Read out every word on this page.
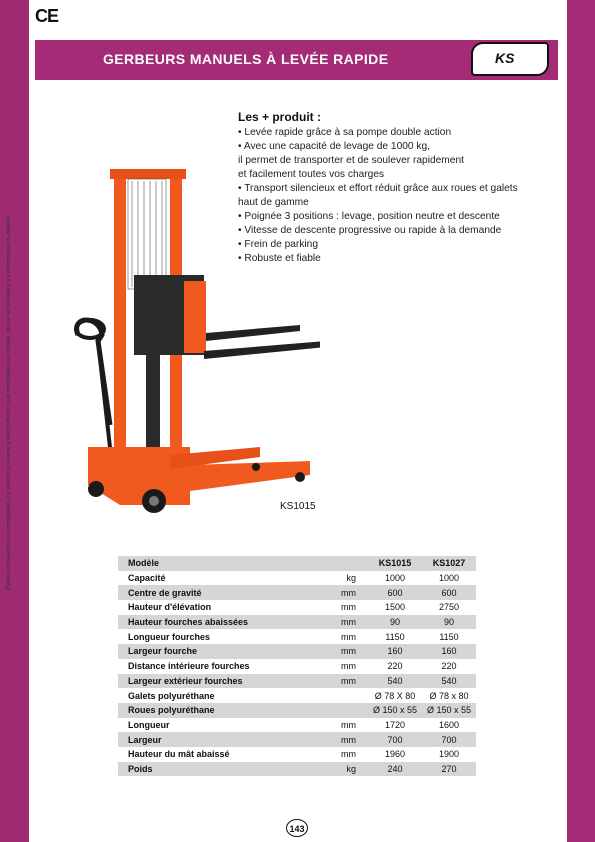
CE
GERBEURS MANUELS À LEVÉE RAPIDE	KS
Photos et dimensions non contractuelles. Le fabricant se réserve le droit d'effectuer toute modification sans préavis, dans le but d'améliorer les performances du matériel.
Les + produit :
• Levée rapide grâce à sa pompe double action
• Avec une capacité de levage de 1000 kg,
il permet de transporter et de soulever rapidement
et facilement toutes vos charges
• Transport silencieux et effort réduit grâce aux roues et galets
haut de gamme
• Poignée 3 positions : levage, position neutre et descente
• Vitesse de descente progressive ou rapide à la demande
• Frein de parking
• Robuste et fiable
KS1015
Modèle		KS1015	KS1027
Capacité	kg	1000	1000
Centre de gravité	mm	600	600
Hauteur d'élévation	mm	1500	2750
Hauteur fourches abaissées	mm	90	90
Longueur fourches	mm	1150	1150
Largeur fourche	mm	160	160
Distance intérieure fourches	mm	220	220
Largeur extérieur fourches	mm	540	540
Galets polyuréthane		Ø 78 X 80	Ø 78 x 80
Roues polyuréthane		Ø 150 x 55	Ø 150 x 55
Longueur	mm	1720	1600
Largeur	mm	700	700
Hauteur du mât abaissé	mm	1960	1900
Poids	kg	240	270
143
